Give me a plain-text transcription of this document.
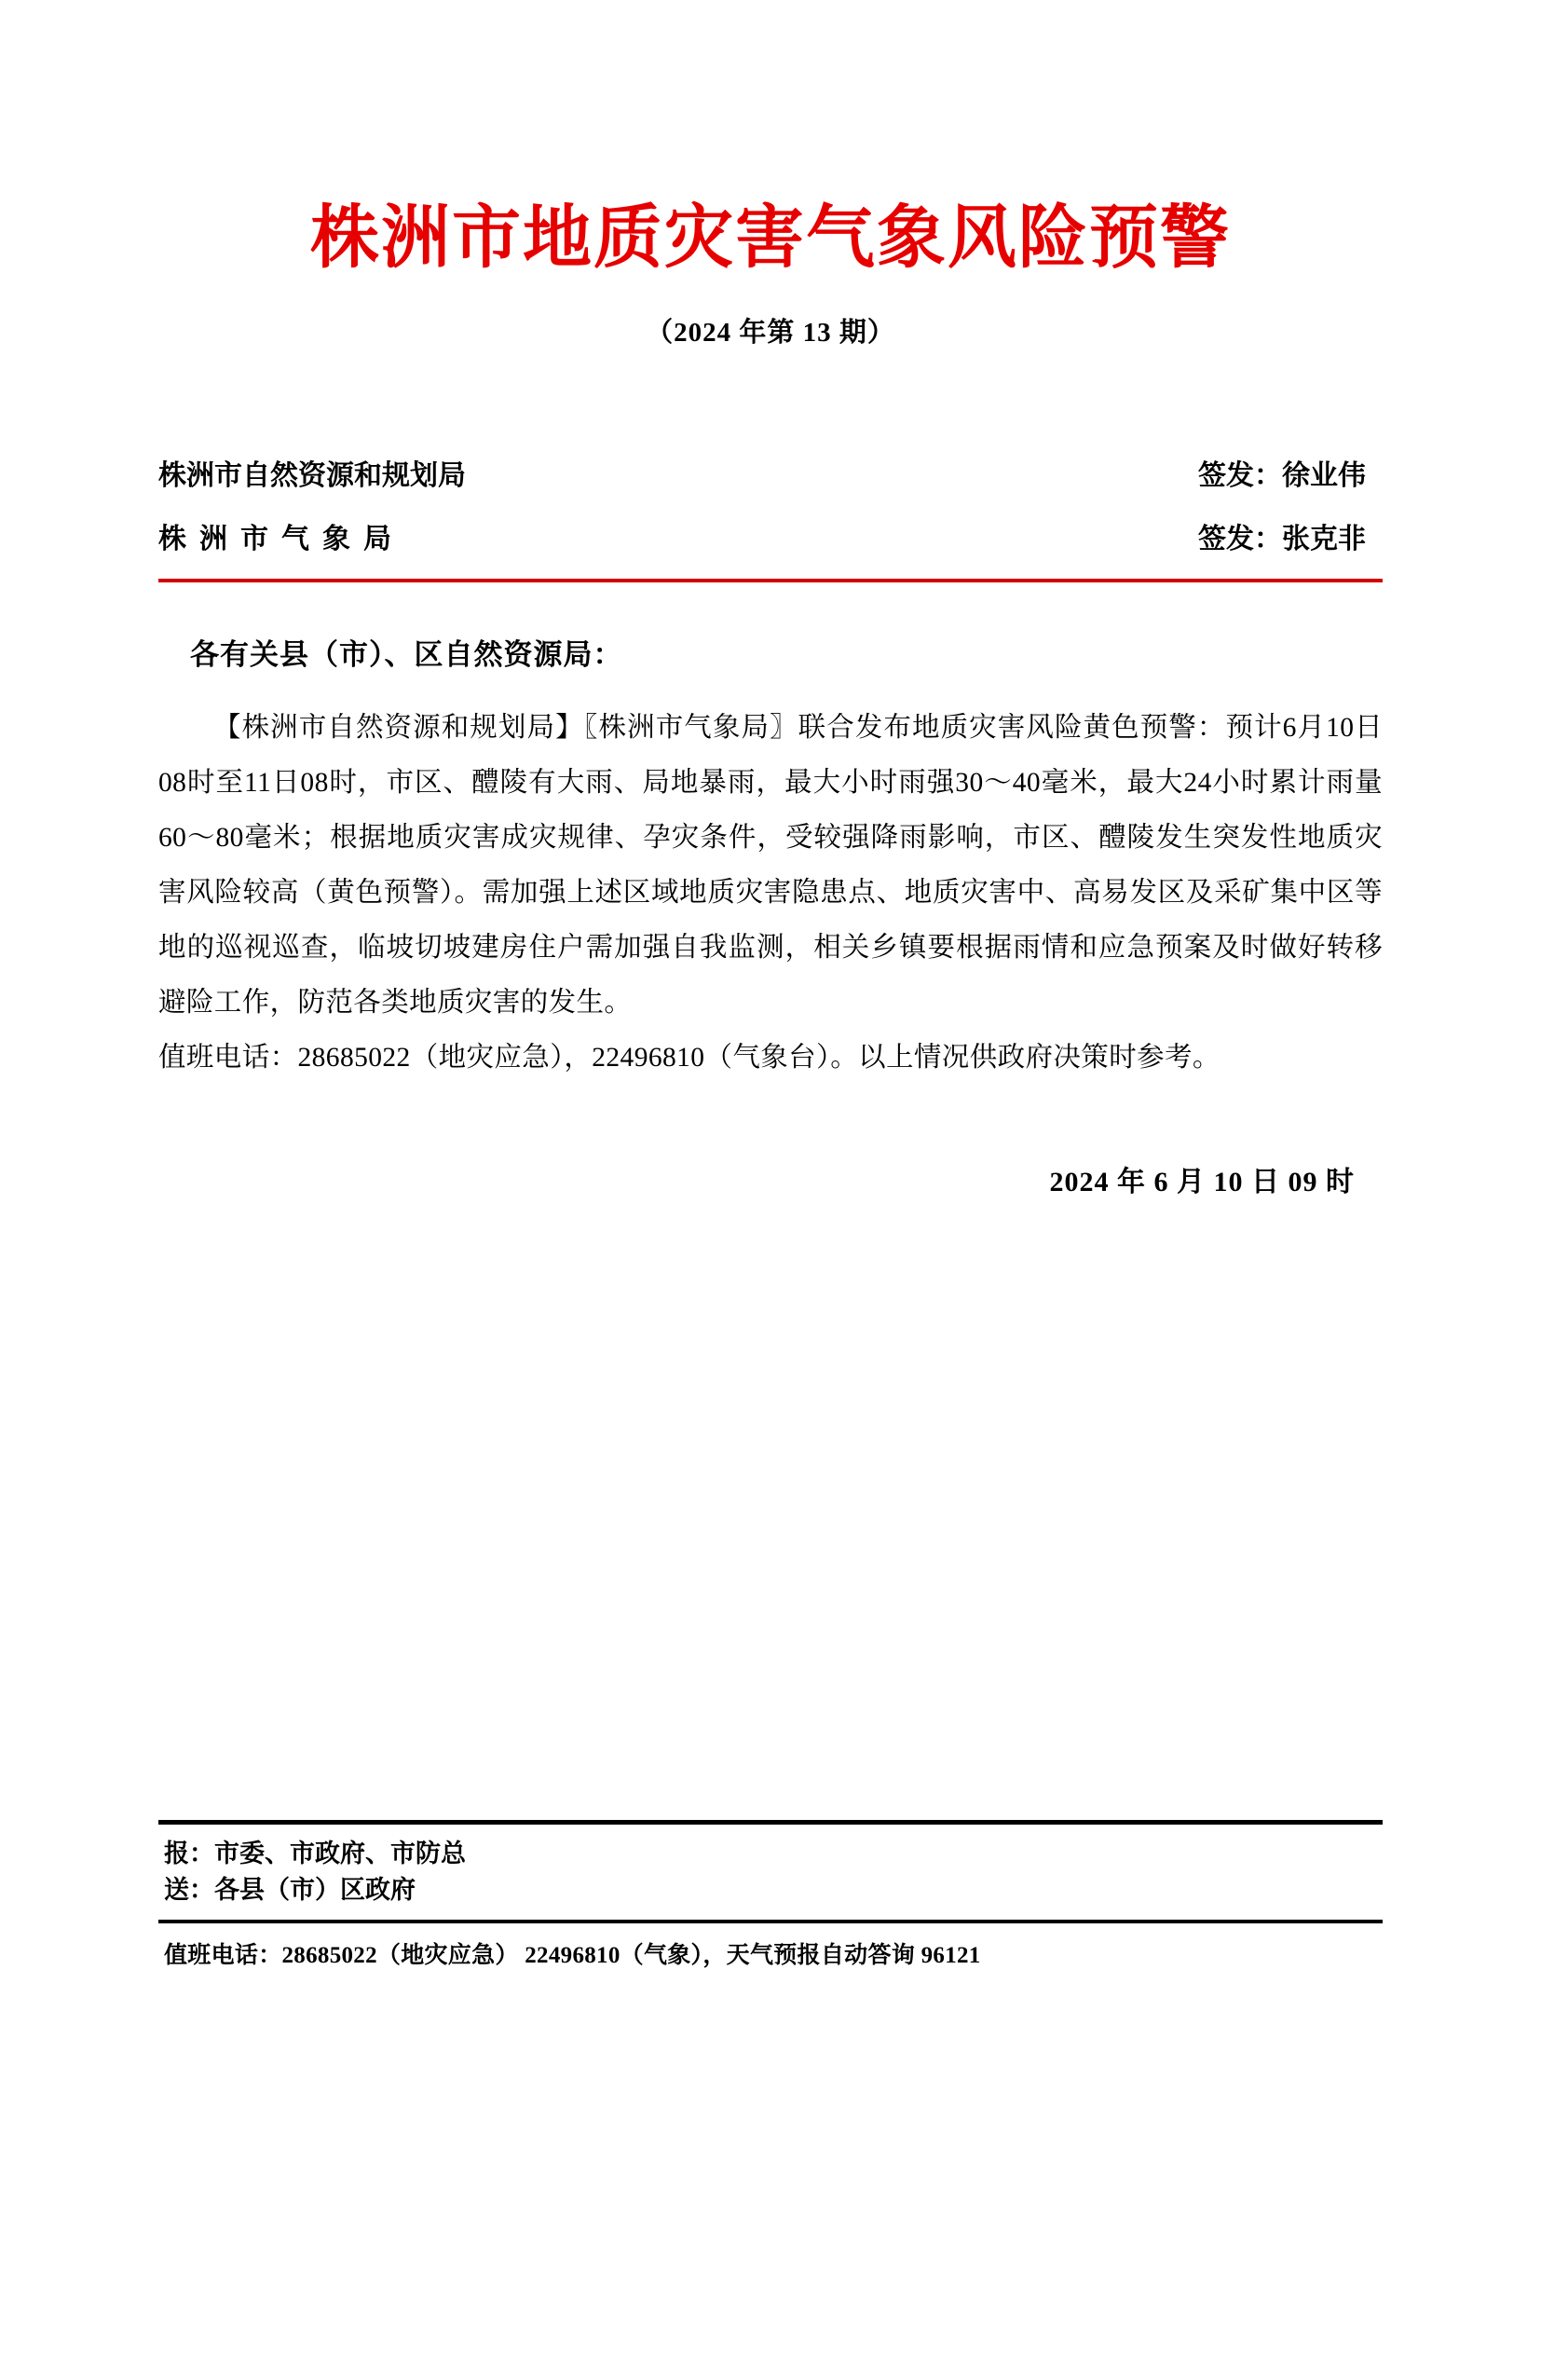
株洲市地质灾害气象风险预警
（2024 年第 13 期）
株洲市自然资源和规划局	签发：徐业伟
株洲市气象局	签发：张克非
各有关县（市）、区自然资源局：

【株洲市自然资源和规划局】〖株洲市气象局〗联合发布地质灾害风险黄色预警：预计6月10日08时至11日08时，市区、醴陵有大雨、局地暴雨，最大小时雨强30～40毫米，最大24小时累计雨量60～80毫米；根据地质灾害成灾规律、孕灾条件，受较强降雨影响，市区、醴陵发生突发性地质灾害风险较高（黄色预警）。需加强上述区域地质灾害隐患点、地质灾害中、高易发区及采矿集中区等地的巡视巡查，临坡切坡建房住户需加强自我监测，相关乡镇要根据雨情和应急预案及时做好转移避险工作，防范各类地质灾害的发生。

值班电话：28685022（地灾应急），22496810（气象台）。以上情况供政府决策时参考。

2024 年 6 月 10 日 09 时
报：市委、市政府、市防总
送：各县（市）区政府
值班电话：28685022（地灾应急） 22496810（气象），天气预报自动答询 96121
